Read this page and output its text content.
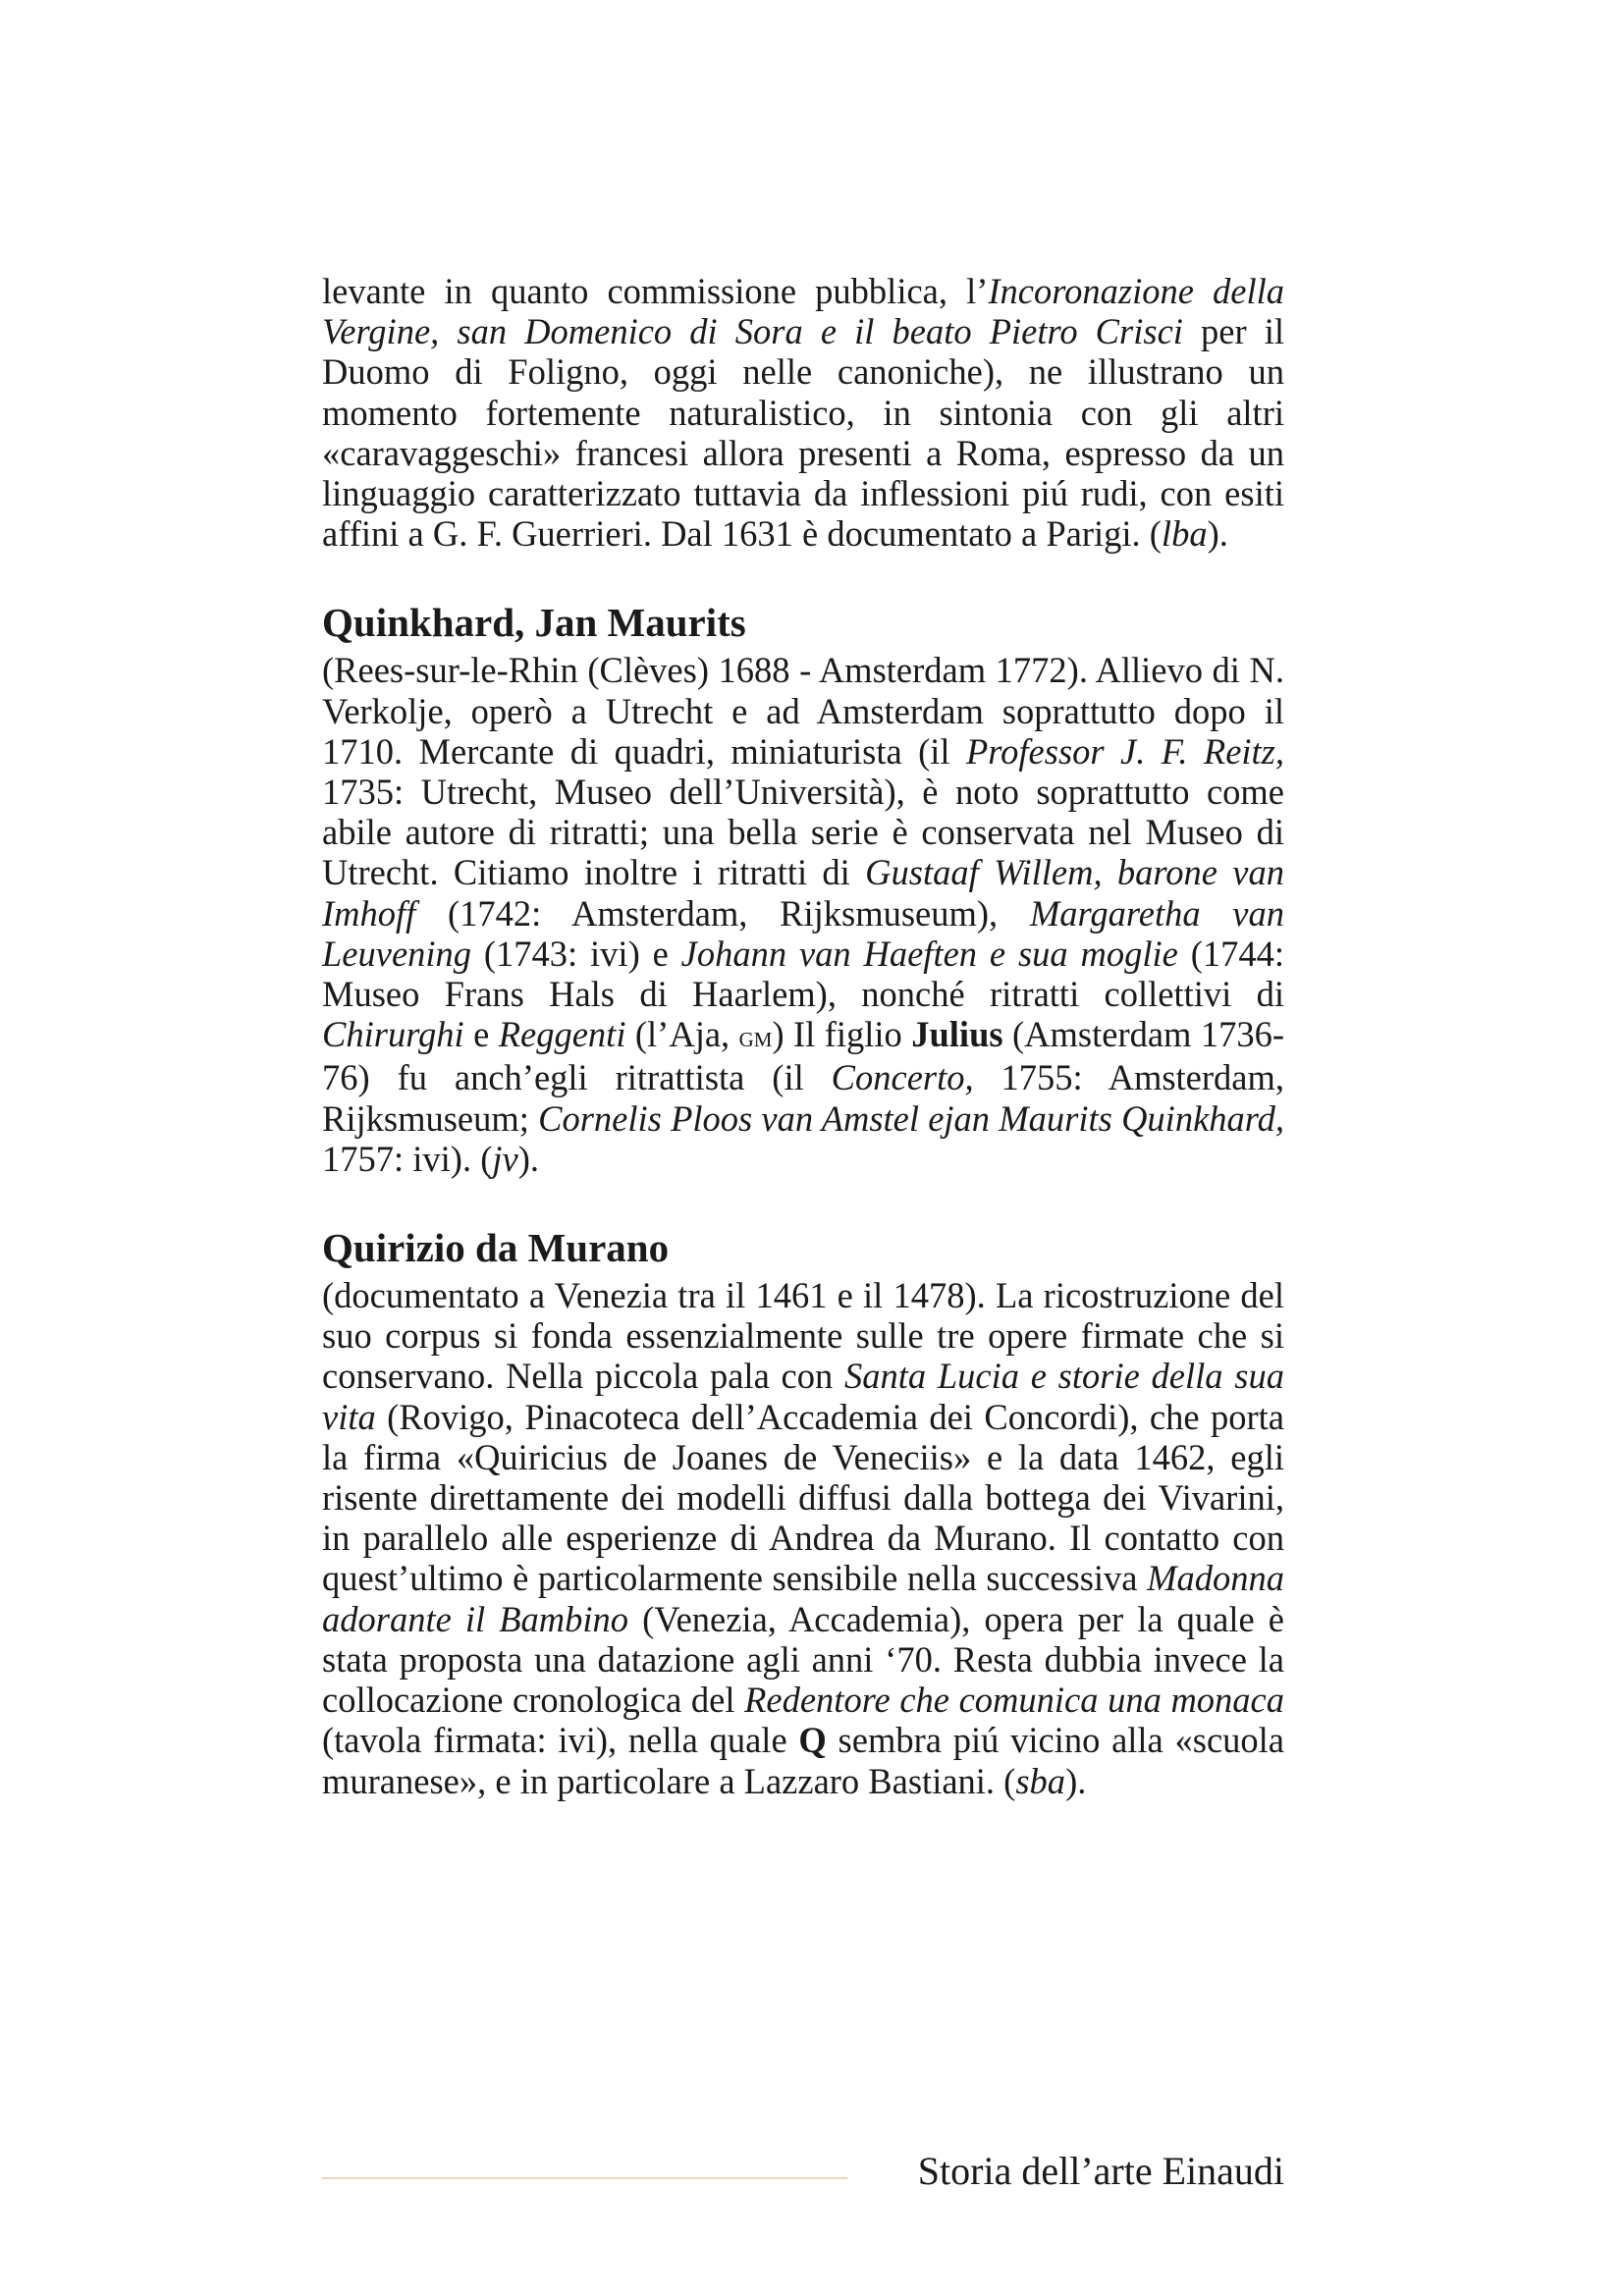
levante in quanto commissione pubblica, l’Incoronazione della Vergine, san Domenico di Sora e il beato Pietro Crisci per il Duomo di Foligno, oggi nelle canoniche), ne illustrano un momento fortemente naturalistico, in sintonia con gli altri «caravaggeschi» francesi allora presenti a Roma, espresso da un linguaggio caratterizzato tuttavia da inflessioni piú rudi, con esiti affini a G. F. Guerrieri. Dal 1631 è documentato a Parigi. (lba).

Quinkhard, Jan Maurits

(Rees-sur-le-Rhin (Clèves) 1688 - Amsterdam 1772). Allievo di N. Verkolje, operò a Utrecht e ad Amsterdam soprattutto dopo il 1710. Mercante di quadri, miniaturista (il Professor J. F. Reitz, 1735: Utrecht, Museo dell’Università), è noto soprattutto come abile autore di ritratti; una bella serie è conservata nel Museo di Utrecht. Citiamo inoltre i ritratti di Gustaaf Willem, barone van Imhoff (1742: Amsterdam, Rijksmuseum), Margaretha van Leuvening (1743: ivi) e Johann van Haeften e sua moglie (1744: Museo Frans Hals di Haarlem), nonché ritratti collettivi di Chirurghi e Reggenti (l’Aja, gm) Il figlio Julius (Amsterdam 1736-76) fu anch’egli ritrattista (il Concerto, 1755: Amsterdam, Rijksmuseum; Cornelis Ploos van Amstel ejan Maurits Quinkhard, 1757: ivi). (jv).

Quirizio da Murano

(documentato a Venezia tra il 1461 e il 1478). La ricostruzione del suo corpus si fonda essenzialmente sulle tre opere firmate che si conservano. Nella piccola pala con Santa Lucia e storie della sua vita (Rovigo, Pinacoteca dell’Accademia dei Concordi), che porta la firma «Quiricius de Joanes de Veneciis» e la data 1462, egli risente direttamente dei modelli diffusi dalla bottega dei Vivarini, in parallelo alle esperienze di Andrea da Murano. Il contatto con quest’ultimo è particolarmente sensibile nella successiva Madonna adorante il Bambino (Venezia, Accademia), opera per la quale è stata proposta una datazione agli anni ‘70. Resta dubbia invece la collocazione cronologica del Redentore che comunica una monaca (tavola firmata: ivi), nella quale Q sembra piú vicino alla «scuola muranese», e in particolare a Lazzaro Bastiani. (sba).

Storia dell’arte Einaudi
